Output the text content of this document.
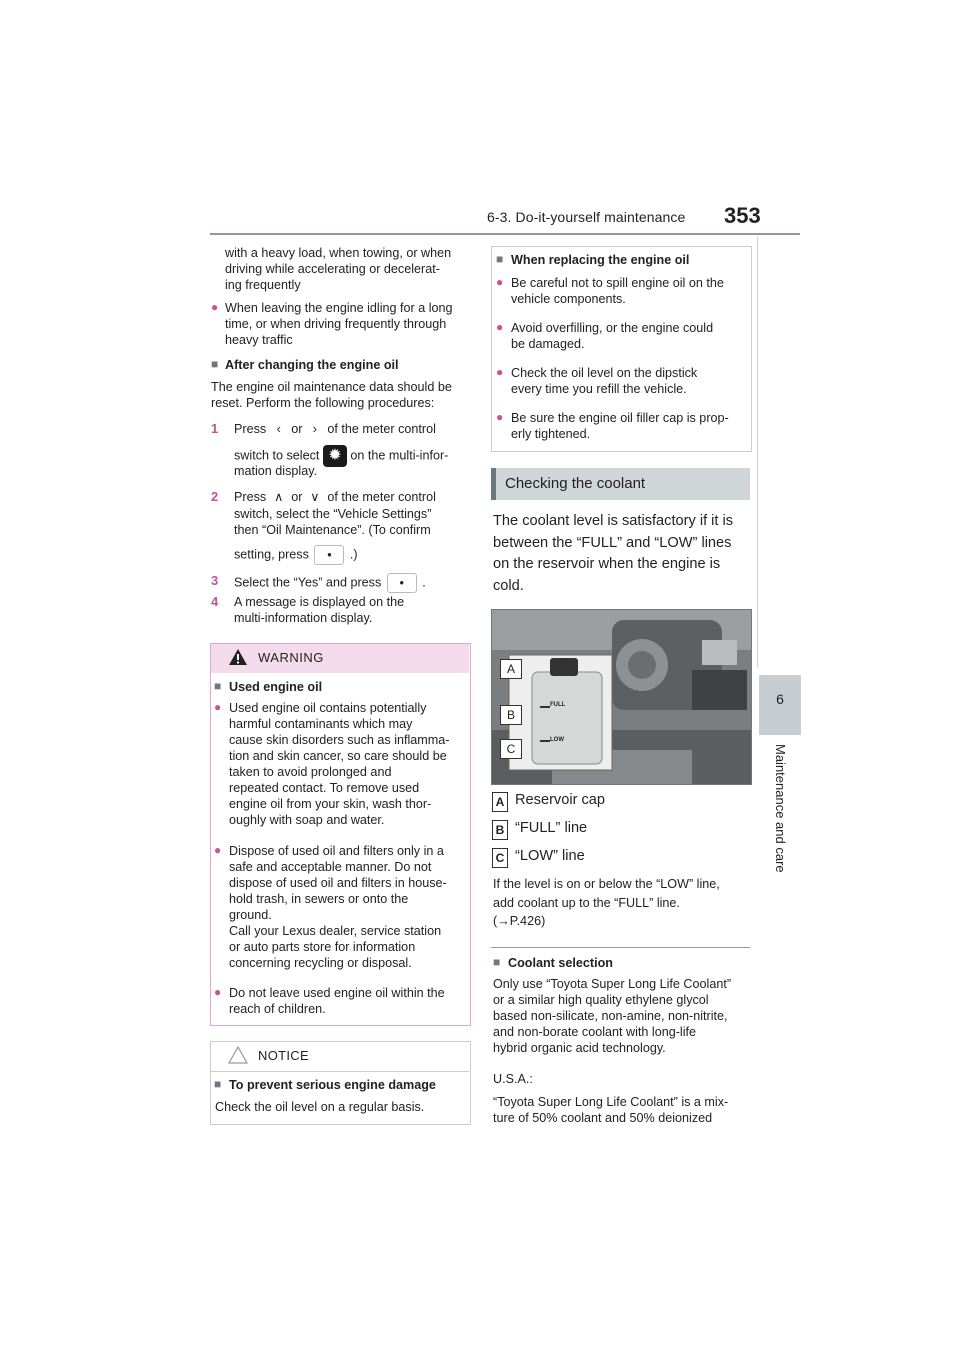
6-3. Do-it-yourself maintenance 353
6
Maintenance and care
with a heavy load, when towing, or when
driving while accelerating or decelerat-
ing frequently
● When leaving the engine idling for a long
time, or when driving frequently through
heavy traffic
■ After changing the engine oil
The engine oil maintenance data should be
reset. Perform the following procedures:
1 Press ‹ or › of the meter control
switch to select ✹ on the multi-infor-
mation display.
2 Press ∧ or ∨ of the meter control
switch, select the “Vehicle Settings”
then “Oil Maintenance”. (To confirm
setting, press • .)
3 Select the “Yes” and press • .
4 A message is displayed on the
multi-information display.
WARNING
■ Used engine oil
● Used engine oil contains potentially
harmful contaminants which may
cause skin disorders such as inflamma-
tion and skin cancer, so care should be
taken to avoid prolonged and
repeated contact. To remove used
engine oil from your skin, wash thor-
oughly with soap and water.
● Dispose of used oil and filters only in a
safe and acceptable manner. Do not
dispose of used oil and filters in house-
hold trash, in sewers or onto the
ground.
Call your Lexus dealer, service station
or auto parts store for information
concerning recycling or disposal.
● Do not leave used engine oil within the
reach of children.
NOTICE
■ To prevent serious engine damage
Check the oil level on a regular basis.
■ When replacing the engine oil
● Be careful not to spill engine oil on the
vehicle components.
● Avoid overfilling, or the engine could
be damaged.
● Check the oil level on the dipstick
every time you refill the vehicle.
● Be sure the engine oil filler cap is prop-
erly tightened.
Checking the coolant
The coolant level is satisfactory if it is
between the “FULL” and “LOW” lines
on the reservoir when the engine is
cold.
FULL
LOW
A
B
C
A Reservoir cap
B “FULL” line
C “LOW” line
If the level is on or below the “LOW” line,
add coolant up to the “FULL” line.
(→P.426)
■ Coolant selection
Only use “Toyota Super Long Life Coolant”
or a similar high quality ethylene glycol
based non-silicate, non-amine, non-nitrite,
and non-borate coolant with long-life
hybrid organic acid technology.
U.S.A.:
“Toyota Super Long Life Coolant” is a mix-
ture of 50% coolant and 50% deionized
